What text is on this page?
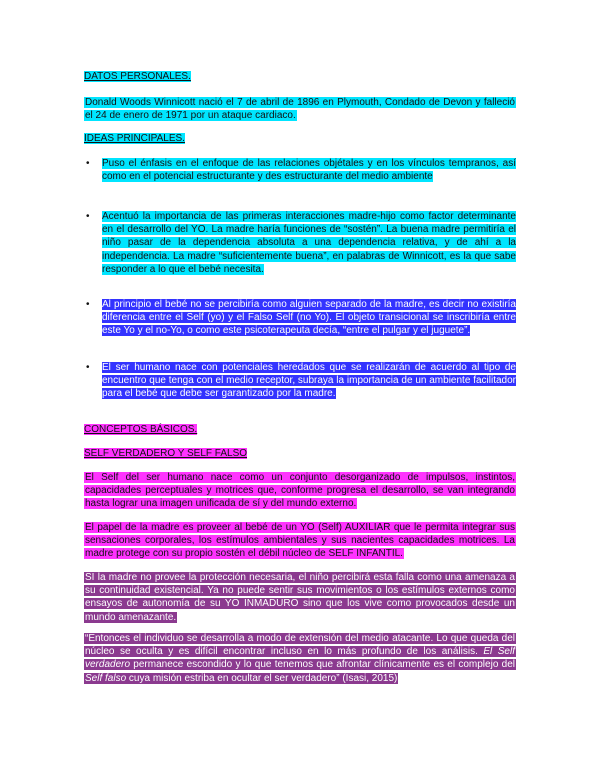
DATOS PERSONALES.
Donald Woods Winnicott nació el 7 de abril de 1896 en Plymouth, Condado de Devon y falleció el 24 de enero de 1971 por un ataque cardiaco.
IDEAS PRINCIPALES.
• Puso el énfasis en el enfoque de las relaciones objétales y en los vínculos tempranos, así como en el potencial estructurante y des estructurante del medio ambiente
• Acentuó la importancia de las primeras interacciones madre-hijo como factor determinante en el desarrollo del YO. La madre haría funciones de “sostén”. La buena madre permitiría el niño pasar de la dependencia absoluta a una dependencia relativa, y de ahí a la independencia. La madre “suficientemente buena”, en palabras de Winnicott, es la que sabe responder a lo que el bebé necesita.
• Al principio el bebé no se percibiría como alguien separado de la madre, es decir no existiría diferencia entre el Self (yo) y el Falso Self (no Yo). El objeto transicional se inscribiría entre este Yo y el no-Yo, o como este psicoterapeuta decía, “entre el pulgar y el juguete”.
• El ser humano nace con potenciales heredados que se realizarán de acuerdo al tipo de encuentro que tenga con el medio receptor, subraya la importancia de un ambiente facilitador para el bebé que debe ser garantizado por la madre.
CONCEPTOS BÁSICOS.
SELF VERDADERO Y SELF FALSO
El Self del ser humano nace como un conjunto desorganizado de impulsos, instintos, capacidades perceptuales y motrices que, conforme progresa el desarrollo, se van integrando hasta lograr una imagen unificada de sí y del mundo externo.
El papel de la madre es proveer al bebé de un YO (Self) AUXILIAR que le permita integrar sus sensaciones corporales, los estímulos ambientales y sus nacientes capacidades motrices. La madre protege con su propio sostén el débil núcleo de SELF INFANTIL.
SI la madre no provee la protección necesaria, el niño percibirá esta falla como una amenaza a su continuidad existencial. Ya no puede sentir sus movimientos o los estímulos externos como ensayos de autonomía de su YO INMADURO sino que los vive como provocados desde un mundo amenazante.
“Entonces el individuo se desarrolla a modo de extensión del medio atacante. Lo que queda del núcleo se oculta y es difícil encontrar incluso en lo más profundo de los análisis. El Self verdadero permanece escondido y lo que tenemos que afrontar clínicamente es el complejo del Self falso cuya misión estriba en ocultar el ser verdadero” (Isasi, 2015)
